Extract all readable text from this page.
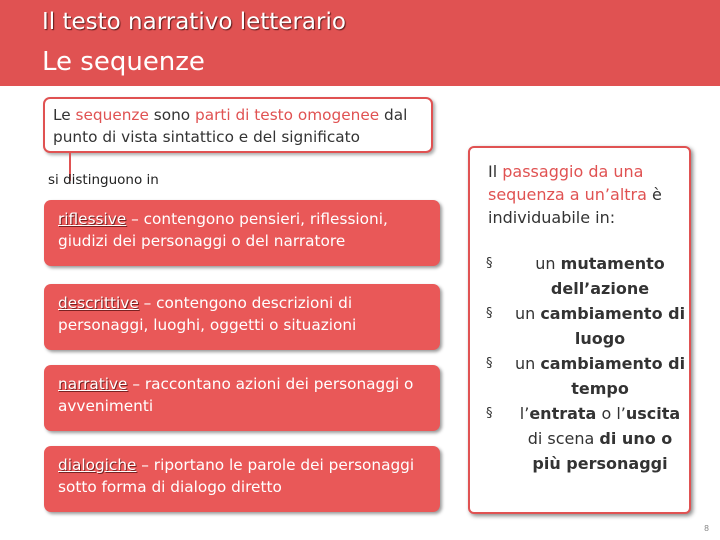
Il testo narrativo letterario
Le sequenze
Le sequenze sono parti di testo omogenee dal punto di vista sintattico e del significato
si distinguono in
riflessive – contengono pensieri, riflessioni, giudizi dei personaggi o del narratore
descrittive – contengono descrizioni di personaggi, luoghi, oggetti o situazioni
narrative – raccontano azioni dei personaggi o avvenimenti
dialogiche – riportano le parole dei personaggi sotto forma di dialogo diretto
Il passaggio da una sequenza a un’altra è individuabile in:
§	un mutamento dell’azione
§ un cambiamento di luogo
§ un cambiamento di tempo
§ l’entrata o l’uscita di scena di uno o più personaggi
8
